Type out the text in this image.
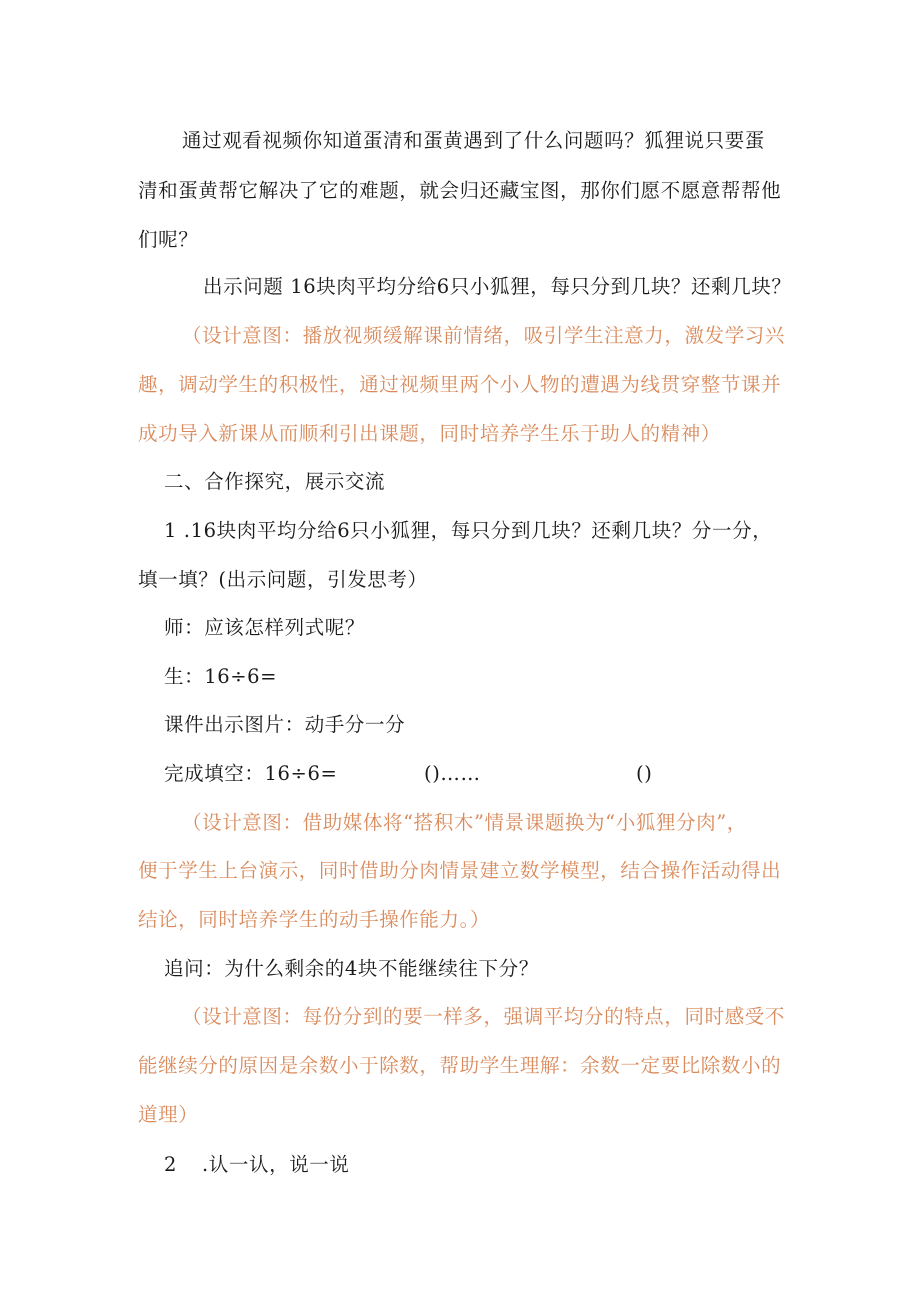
通过观看视频你知道蛋清和蛋黄遇到了什么问题吗？狐狸说只要蛋
清和蛋黄帮它解决了它的难题，就会归还藏宝图，那你们愿不愿意帮帮他
们呢？
出示问题 16块肉平均分给6只小狐狸，每只分到几块？还剩几块？
（设计意图：播放视频缓解课前情绪，吸引学生注意力，激发学习兴
趣，调动学生的积极性，通过视频里两个小人物的遭遇为线贯穿整节课并
成功导入新课从而顺利引出课题，同时培养学生乐于助人的精神）
二、合作探究，展示交流
1 .16块肉平均分给6只小狐狸，每只分到几块？还剩几块？分一分，
填一填？(出示问题，引发思考）
师：应该怎样列式呢？
生：16÷6=
课件出示图片：动手分一分
完成填空：16÷6=	()……	()
（设计意图：借助媒体将“搭积木”情景课题换为“小狐狸分肉”，
便于学生上台演示，同时借助分肉情景建立数学模型，结合操作活动得出
结论，同时培养学生的动手操作能力。）
追问：为什么剩余的4块不能继续往下分？
（设计意图：每份分到的要一样多，强调平均分的特点，同时感受不
能继续分的原因是余数小于除数，帮助学生理解：余数一定要比除数小的
道理）
2 .认一认，说一说
